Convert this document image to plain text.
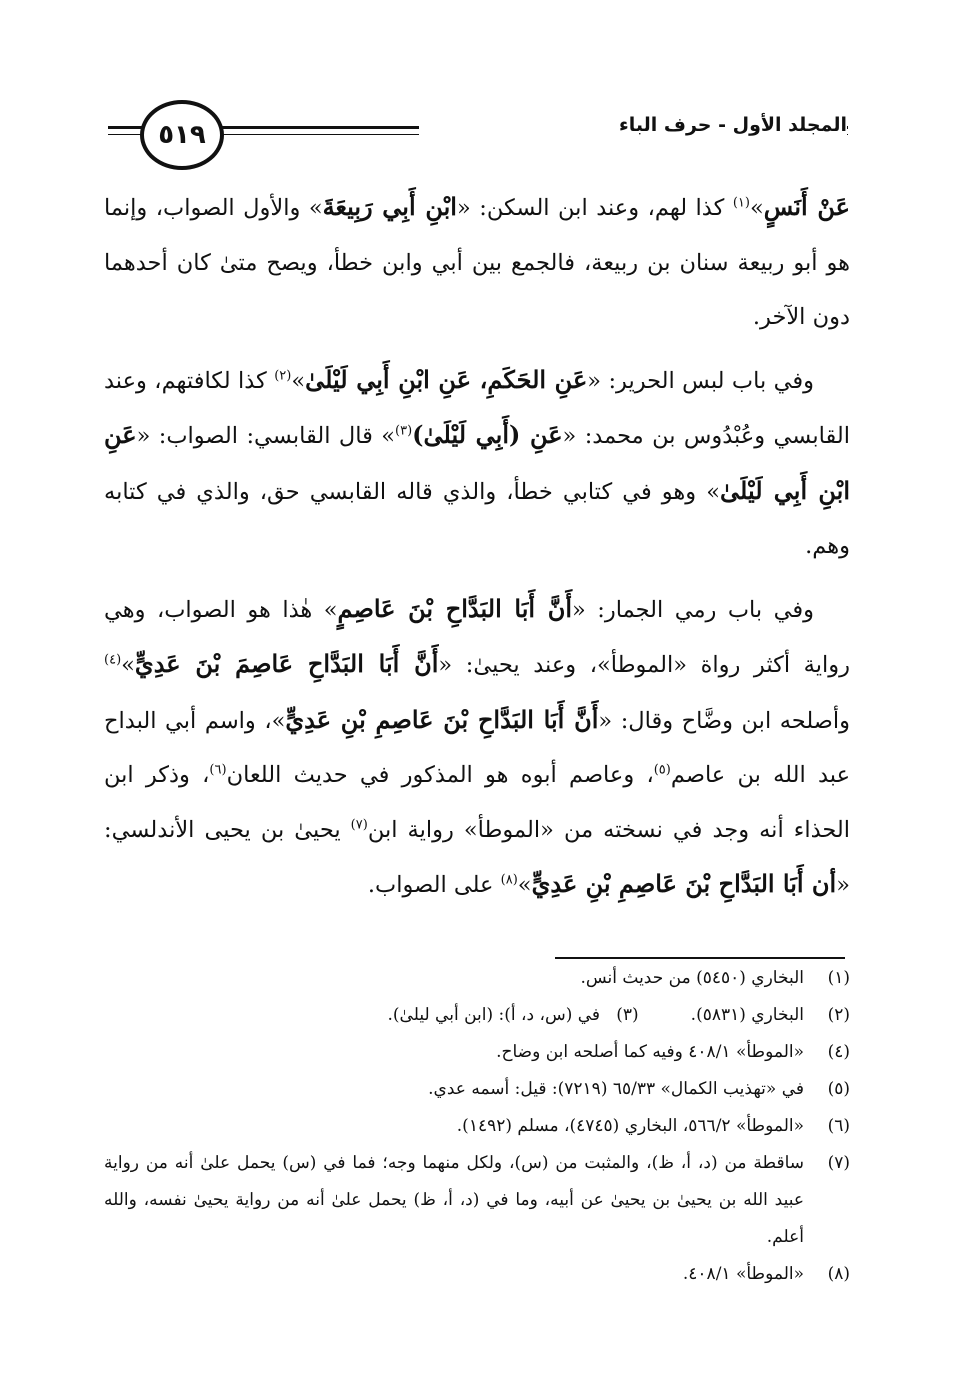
المجلد الأول - حرف الباء
٥١٩

عَنْ أَنَسٍ»$^{(١)}$ كذا لهم، وعند ابن السكن: «ابْنِ أَبِي رَبِيعَةَ» والأول الصواب، وإنما هو أبو ربيعة سنان بن ربيعة، فالجمع بين أبي وابن خطأ، ويصح متىٰ كان أحدهما دون الآخر.

وفي باب لبس الحرير: «عَنِ الحَكَمِ، عَنِ ابْنِ أَبِي لَيْلَىٰ»$^{(٢)}$ كذا لكافتهم، وعند القابسي وعُبْدُوس بن محمد: «عَنِ (أَبِي لَيْلَىٰ)$^{(٣)}$» قال القابسي: الصواب: «عَنِ ابْنِ أَبِي لَيْلَىٰ» وهو في كتابي خطأ، والذي قاله القابسي حق، والذي في كتابه وهم.

وفي باب رمي الجمار: «أَنَّ أَبَا البَدَّاحِ بْنَ عَاصِمٍ» هٰذا هو الصواب، وهي رواية أكثر رواة «الموطأ»، وعند يحيىٰ: «أَنَّ أَبَا البَدَّاحِ عَاصِمَ بْنَ عَدِيٍّ»$^{(٤)}$ وأصلحه ابن وضَّاح وقال: «أَنَّ أَبَا البَدَّاحِ بْنَ عَاصِمِ بْنِ عَدِيٍّ»، واسم أبي البداح عبد الله بن عاصم$^{(٥)}$، وعاصم أبوه هو المذكور في حديث اللعان$^{(٦)}$، وذكر ابن الحذاء أنه وجد في نسخته من «الموطأ» رواية ابن$^{(٧)}$ يحيىٰ بن يحيى الأندلسي: «أن أَبَا البَدَّاحِ بْنَ عَاصِمِ بْنِ عَدِيٍّ»$^{(٨)}$ على الصواب.

(١)
البخاري (٥٤٥٠) من حديث أنس.
(٢)
البخاري (٥٨٣١).(٣)   في (س، د، أ): (ابن أبي ليلىٰ).
(٤)
«الموطأ» ٤٠٨/١ وفيه كما أصلحه ابن وضاح.
(٥)
في «تهذيب الكمال» ٦٥/٣٣ (٧٢١٩): قيل: أسمه عدي.
(٦)
«الموطأ» ٥٦٦/٢، البخاري (٤٧٤٥)، مسلم (١٤٩٢).
(٧)
ساقطة من (د، أ، ظ)، والمثبت من (س)، ولكل منهما وجه؛ فما في (س) يحمل علىٰ أنه من رواية عبيد الله بن يحيىٰ بن يحيىٰ عن أبيه، وما في (د، أ، ظ) يحمل علىٰ أنه من رواية يحيىٰ نفسه، والله أعلم.
(٨)
«الموطأ» ٤٠٨/١.
